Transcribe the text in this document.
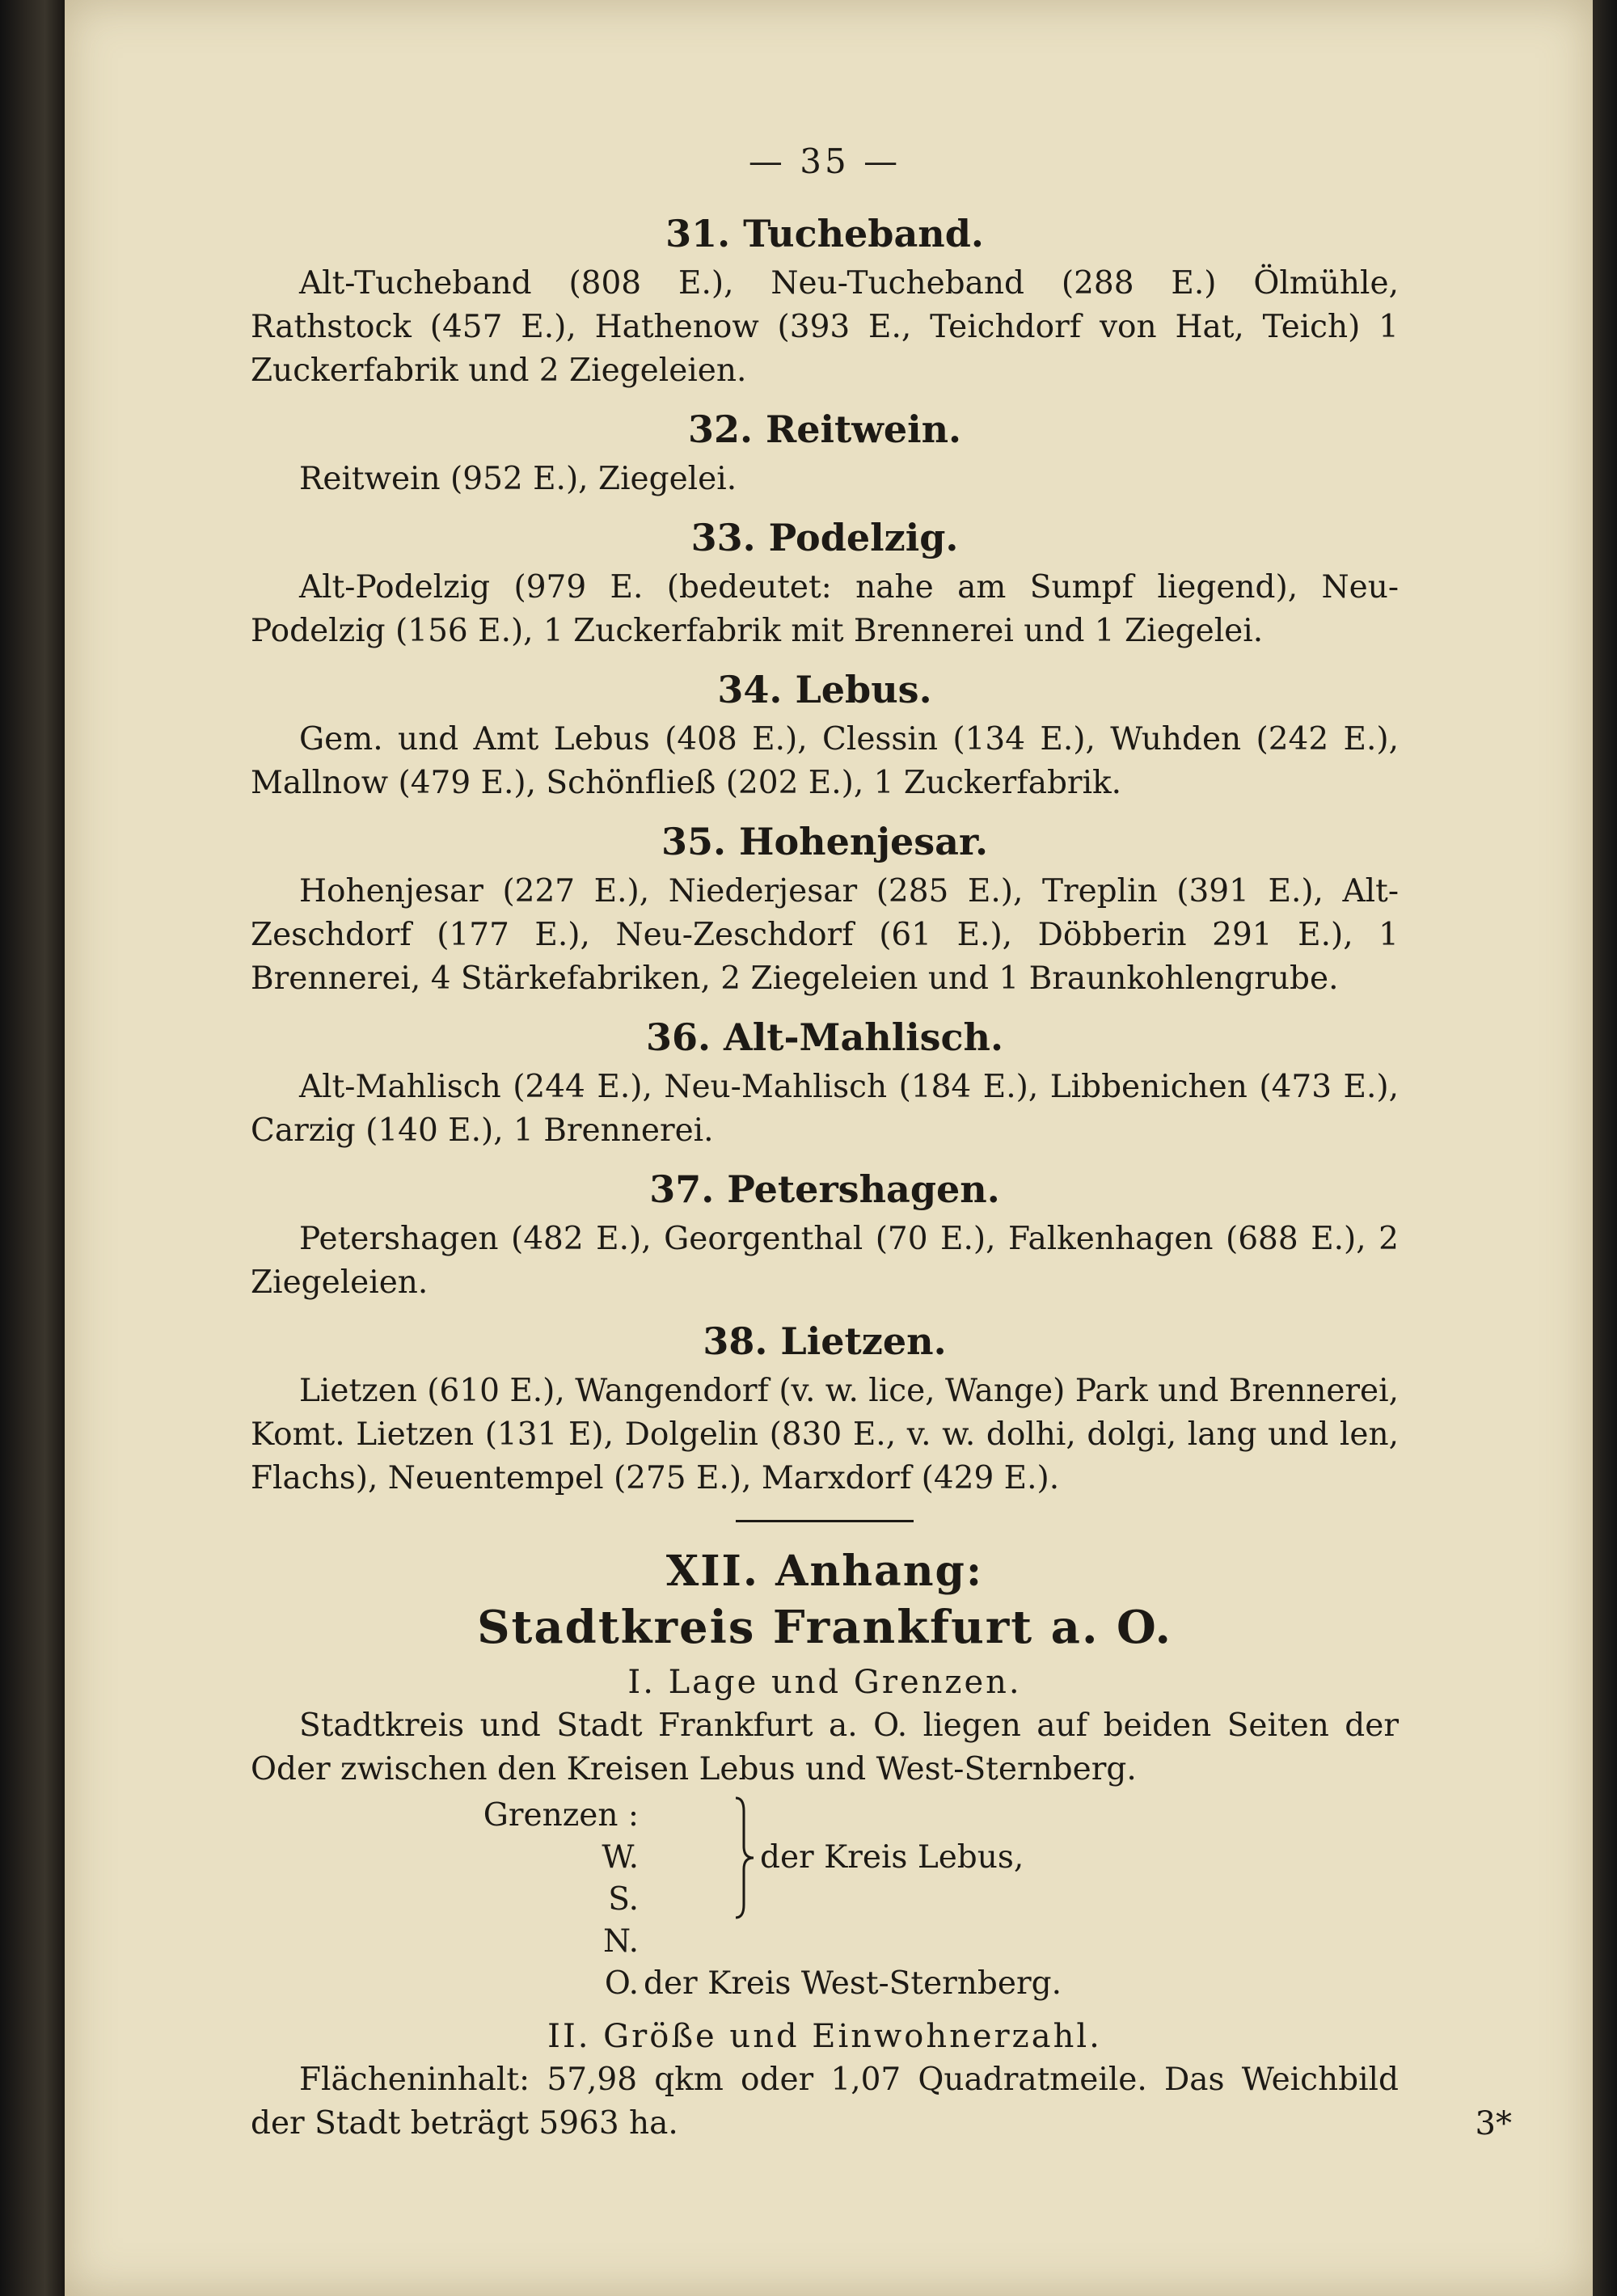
— 35 —
31. Tucheband.

Alt-Tucheband (808 E.), Neu-Tucheband (288 E.) Ölmühle, Rathstock (457 E.), Hathenow (393 E., Teichdorf von Hat, Teich) 1 Zuckerfabrik und 2 Ziegeleien.

32. Reitwein.

Reitwein (952 E.), Ziegelei.

33. Podelzig.

Alt-Podelzig (979 E. (bedeutet: nahe am Sumpf liegend), Neu-Podelzig (156 E.), 1 Zuckerfabrik mit Brennerei und 1 Ziegelei.

34. Lebus.

Gem. und Amt Lebus (408 E.), Clessin (134 E.), Wuhden (242 E.), Mallnow (479 E.), Schönfließ (202 E.), 1 Zuckerfabrik.

35. Hohenjesar.

Hohenjesar (227 E.), Niederjesar (285 E.), Treplin (391 E.), Alt-Zeschdorf (177 E.), Neu-Zeschdorf (61 E.), Döbberin 291 E.), 1 Brennerei, 4 Stärkefabriken, 2 Ziegeleien und 1 Braunkohlengrube.

36. Alt-Mahlisch.

Alt-Mahlisch (244 E.), Neu-Mahlisch (184 E.), Libbenichen (473 E.), Carzig (140 E.), 1 Brennerei.

37. Petershagen.

Petershagen (482 E.), Georgenthal (70 E.), Falkenhagen (688 E.), 2 Ziegeleien.

38. Lietzen.

Lietzen (610 E.), Wangendorf (v. w. lice, Wange) Park und Brennerei, Komt. Lietzen (131 E), Dolgelin (830 E., v. w. dolhi, dolgi, lang und len, Flachs), Neuentempel (275 E.), Marxdorf (429 E.).

XII. Anhang:
Stadtkreis Frankfurt a. O.
I. Lage und Grenzen.

Stadtkreis und Stadt Frankfurt a. O. liegen auf beiden Seiten der Oder zwischen den Kreisen Lebus und West-Sternberg.

Grenzen : W.
S.
N.
der Kreis Lebus,
O. der Kreis West-Sternberg.
II. Größe und Einwohnerzahl.

Flächeninhalt: 57,98 qkm oder 1,07 Quadratmeile. Das Weichbild der Stadt beträgt 5963 ha.	3*
